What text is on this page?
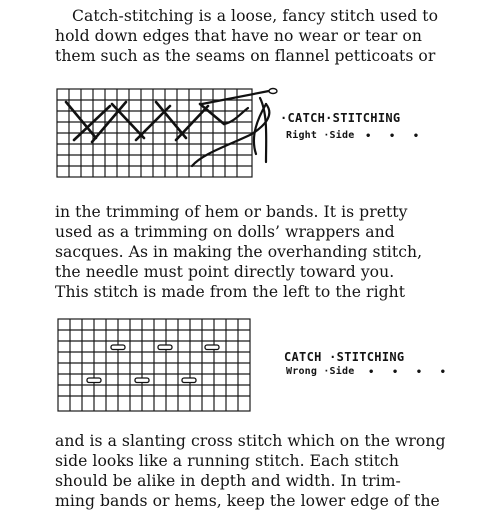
Catch-stitching is a loose, fancy stitch used to
hold down edges that have no wear or tear on
them such as the seams on flannel petticoats or
·CATCH·STITCHING
Right ·Side • • •
in the trimming of hem or bands. It is pretty
used as a trimming on dolls’ wrappers and
sacques. As in making the overhanding stitch,
the needle must point directly toward you.
This stitch is made from the left to the right
CATCH ·STITCHING
Wrong ·Side • • • •
and is a slanting cross stitch which on the wrong
side looks like a running stitch. Each stitch
should be alike in depth and width. In trim-
ming bands or hems, keep the lower edge of the
